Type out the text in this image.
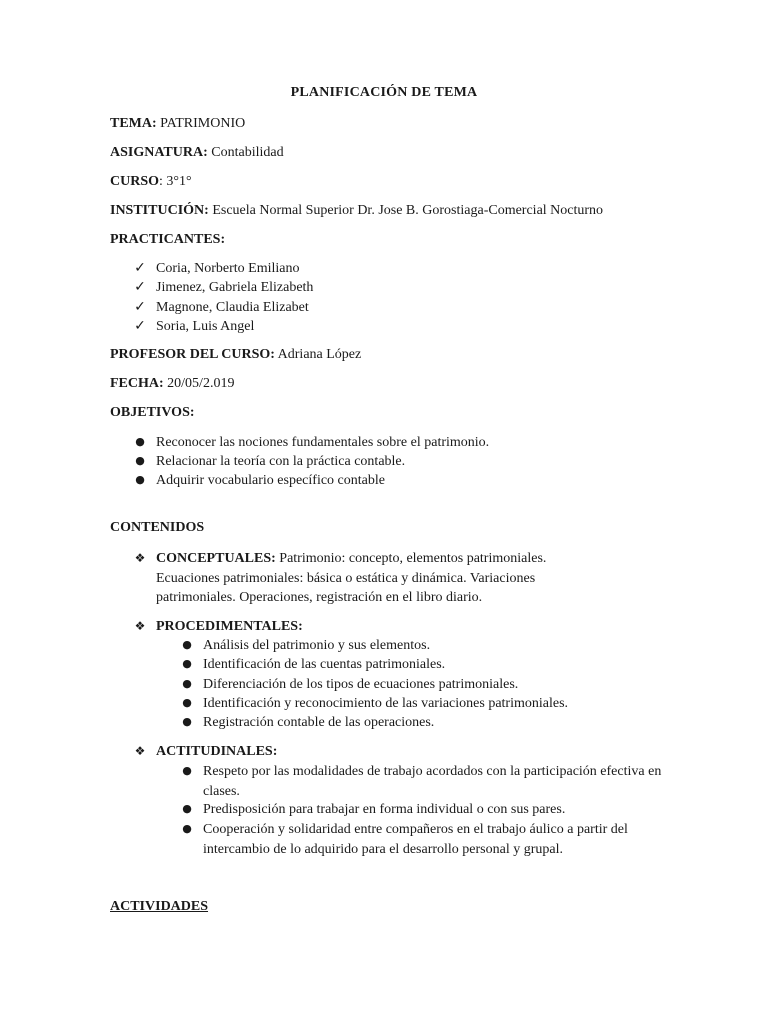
PLANIFICACIÓN DE TEMA
TEMA: PATRIMONIO
ASIGNATURA: Contabilidad
CURSO: 3°1°
INSTITUCIÓN: Escuela Normal Superior Dr. Jose B. Gorostiaga-Comercial Nocturno
PRACTICANTES:
✓ Coria, Norberto Emiliano
✓ Jimenez, Gabriela Elizabeth
✓ Magnone, Claudia Elizabet
✓ Soria, Luis Angel
PROFESOR DEL CURSO: Adriana López
FECHA: 20/05/2.019
OBJETIVOS:
● Reconocer las nociones fundamentales sobre el patrimonio.
● Relacionar la teoría con la práctica contable.
● Adquirir vocabulario específico contable
CONTENIDOS
❖ CONCEPTUALES: Patrimonio: concepto, elementos patrimoniales.
Ecuaciones patrimoniales: básica o estática y dinámica. Variaciones
patrimoniales. Operaciones, registración en el libro diario.
❖ PROCEDIMENTALES:
● Análisis del patrimonio y sus elementos.
● Identificación de las cuentas patrimoniales.
● Diferenciación de los tipos de ecuaciones patrimoniales.
● Identificación y reconocimiento de las variaciones patrimoniales.
● Registración contable de las operaciones.
❖ ACTITUDINALES:
● Respeto por las modalidades de trabajo acordados con la participación efectiva en clases.
● Predisposición para trabajar en forma individual o con sus pares.
● Cooperación y solidaridad entre compañeros en el trabajo áulico a partir del intercambio de lo adquirido para el desarrollo personal y grupal.
ACTIVIDADES
